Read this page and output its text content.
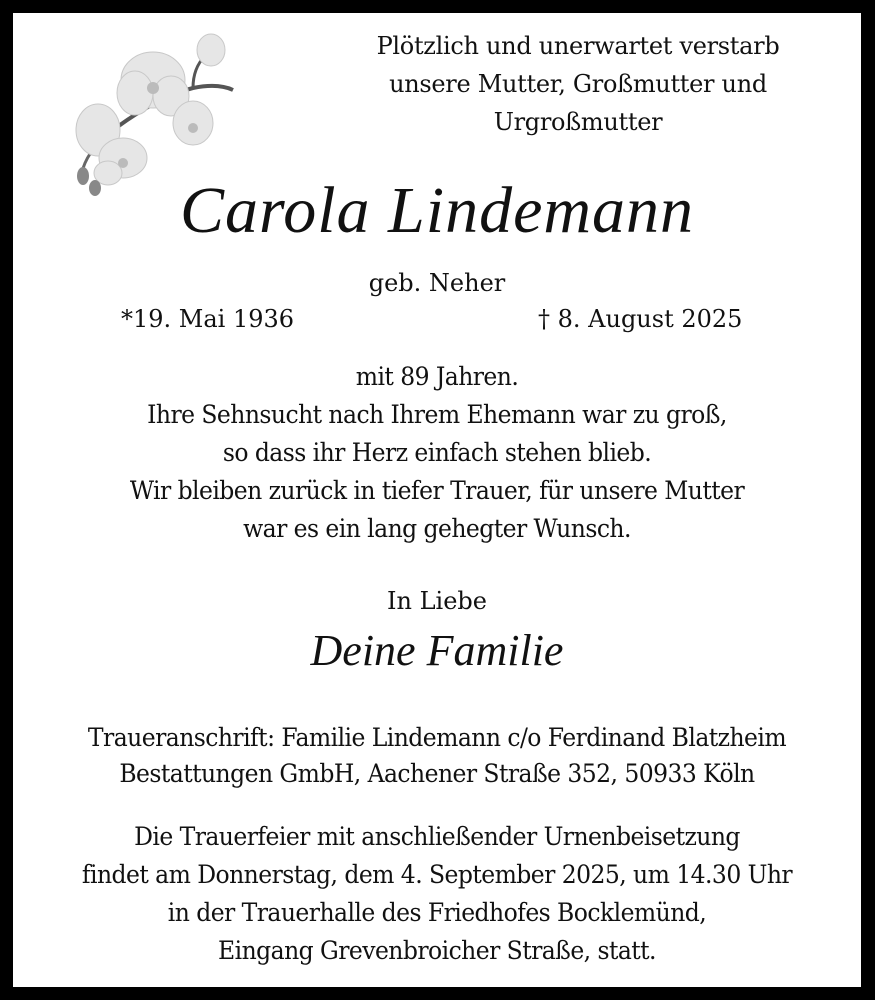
Plötzlich und unerwartet verstarb
unsere Mutter, Großmutter und
Urgroßmutter
Carola Lindemann
geb. Neher
*19. Mai 1936	† 8. August 2025
mit 89 Jahren.
Ihre Sehnsucht nach Ihrem Ehemann war zu groß,
so dass ihr Herz einfach stehen blieb.
Wir bleiben zurück in tiefer Trauer, für unsere Mutter
war es ein lang gehegter Wunsch.
In Liebe
Deine Familie
Traueranschrift: Familie Lindemann c/o Ferdinand Blatzheim
Bestattungen GmbH, Aachener Straße 352, 50933 Köln
Die Trauerfeier mit anschließender Urnenbeisetzung
findet am Donnerstag, dem 4. September 2025, um 14.30 Uhr
in der Trauerhalle des Friedhofes Bocklemünd,
Eingang Grevenbroicher Straße, statt.
